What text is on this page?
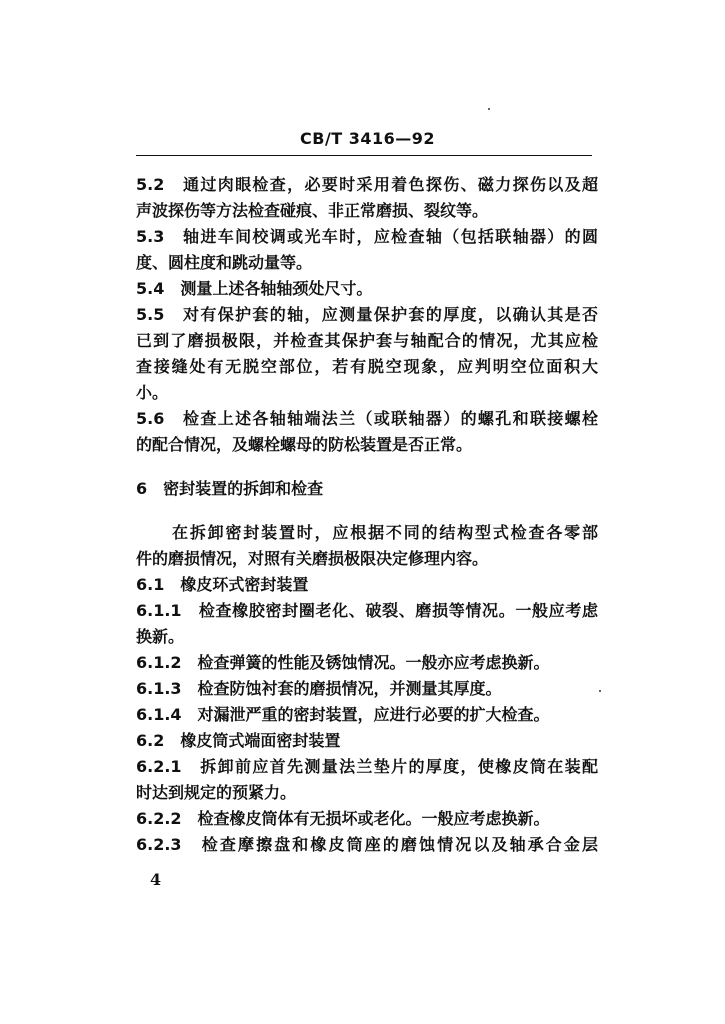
CB/T 3416—92
5.2　通过肉眼检查，必要时采用着色探伤、磁力探伤以及超
声波探伤等方法检查碰痕、非正常磨损、裂纹等。
5.3　轴进车间校调或光车时，应检查轴（包括联轴器）的圆
度、圆柱度和跳动量等。
5.4　测量上述各轴轴颈处尺寸。
5.5　对有保护套的轴，应测量保护套的厚度，以确认其是否
已到了磨损极限，并检查其保护套与轴配合的情况，尤其应检
查接缝处有无脱空部位，若有脱空现象，应判明空位面积大
小。
5.6　检查上述各轴轴端法兰（或联轴器）的螺孔和联接螺栓
的配合情况，及螺栓螺母的防松装置是否正常。
6　密封装置的拆卸和检查
在拆卸密封装置时，应根据不同的结构型式检查各零部
件的磨损情况，对照有关磨损极限决定修理内容。
6.1　橡皮环式密封装置
6.1.1　检查橡胶密封圈老化、破裂、磨损等情况。一般应考虑
换新。
6.1.2　检查弹簧的性能及锈蚀情况。一般亦应考虑换新。
6.1.3　检查防蚀衬套的磨损情况，并测量其厚度。
6.1.4　对漏泄严重的密封装置，应进行必要的扩大检查。
6.2　橡皮筒式端面密封装置
6.2.1　拆卸前应首先测量法兰垫片的厚度，使橡皮筒在装配
时达到规定的预紧力。
6.2.2　检查橡皮筒体有无损坏或老化。一般应考虑换新。
6.2.3　检查摩擦盘和橡皮筒座的磨蚀情况以及轴承合金层
4
